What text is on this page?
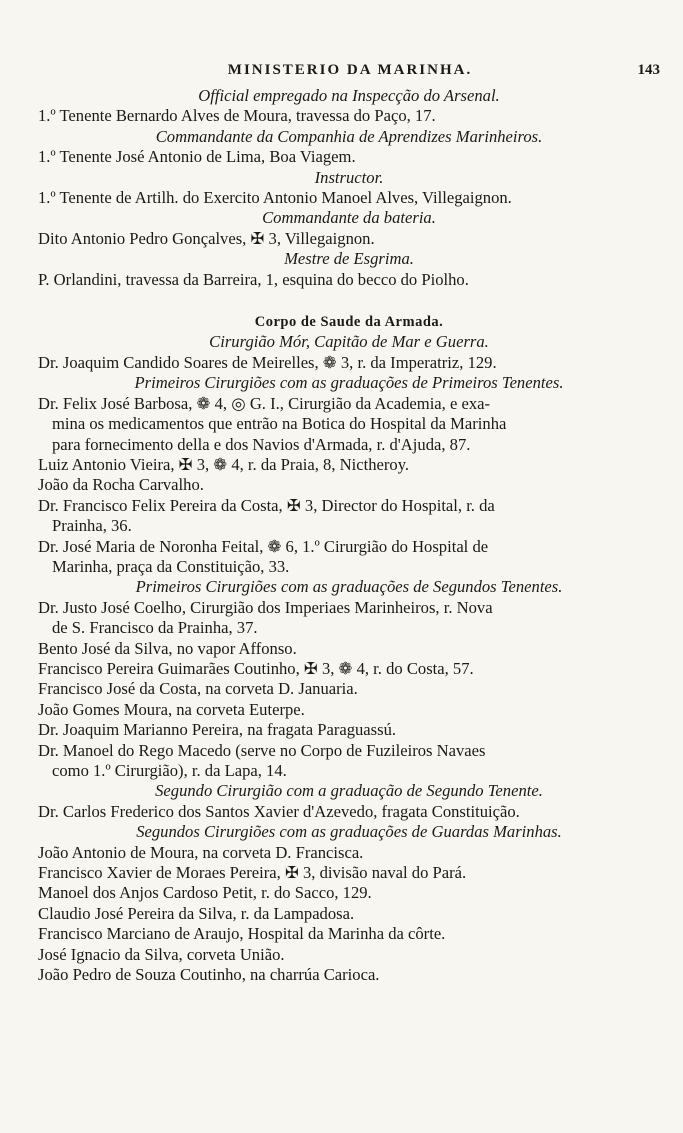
MINISTERIO DA MARINHA.	143
Official empregado na Inspecção do Arsenal.
1.º Tenente Bernardo Alves de Moura, travessa do Paço, 17.
Commandante da Companhia de Aprendizes Marinheiros.
1.º Tenente José Antonio de Lima, Boa Viagem.
Instructor.
1.º Tenente de Artilh. do Exercito Antonio Manoel Alves, Villegaignon.
Commandante da bateria.
Dito Antonio Pedro Gonçalves, ✠ 3, Villegaignon.
Mestre de Esgrima.
P. Orlandini, travessa da Barreira, 1, esquina do becco do Piolho.
Corpo de Saude da Armada.
Cirurgião Mór, Capitão de Mar e Guerra.
Dr. Joaquim Candido Soares de Meirelles, ❁ 3, r. da Imperatriz, 129.
Primeiros Cirurgiões com as graduações de Primeiros Tenentes.
Dr. Felix José Barbosa, ❁ 4, ◎ G. I., Cirurgião da Academia, e exa-
mina os medicamentos que entrão na Botica do Hospital da Marinha
para fornecimento della e dos Navios d'Armada, r. d'Ajuda, 87.
Luiz Antonio Vieira, ✠ 3, ❁ 4, r. da Praia, 8, Nictheroy.
João da Rocha Carvalho.
Dr. Francisco Felix Pereira da Costa, ✠ 3, Director do Hospital, r. da
Prainha, 36.
Dr. José Maria de Noronha Feital, ❁ 6, 1.º Cirurgião do Hospital de
Marinha, praça da Constituição, 33.
Primeiros Cirurgiões com as graduações de Segundos Tenentes.
Dr. Justo José Coelho, Cirurgião dos Imperiaes Marinheiros, r. Nova
de S. Francisco da Prainha, 37.
Bento José da Silva, no vapor Affonso.
Francisco Pereira Guimarães Coutinho, ✠ 3, ❁ 4, r. do Costa, 57.
Francisco José da Costa, na corveta D. Januaria.
João Gomes Moura, na corveta Euterpe.
Dr. Joaquim Marianno Pereira, na fragata Paraguassú.
Dr. Manoel do Rego Macedo (serve no Corpo de Fuzileiros Navaes
como 1.º Cirurgião), r. da Lapa, 14.
Segundo Cirurgião com a graduação de Segundo Tenente.
Dr. Carlos Frederico dos Santos Xavier d'Azevedo, fragata Constituição.
Segundos Cirurgiões com as graduações de Guardas Marinhas.
João Antonio de Moura, na corveta D. Francisca.
Francisco Xavier de Moraes Pereira, ✠ 3, divisão naval do Pará.
Manoel dos Anjos Cardoso Petit, r. do Sacco, 129.
Claudio José Pereira da Silva, r. da Lampadosa.
Francisco Marciano de Araujo, Hospital da Marinha da côrte.
José Ignacio da Silva, corveta União.
João Pedro de Souza Coutinho, na charrúa Carioca.
